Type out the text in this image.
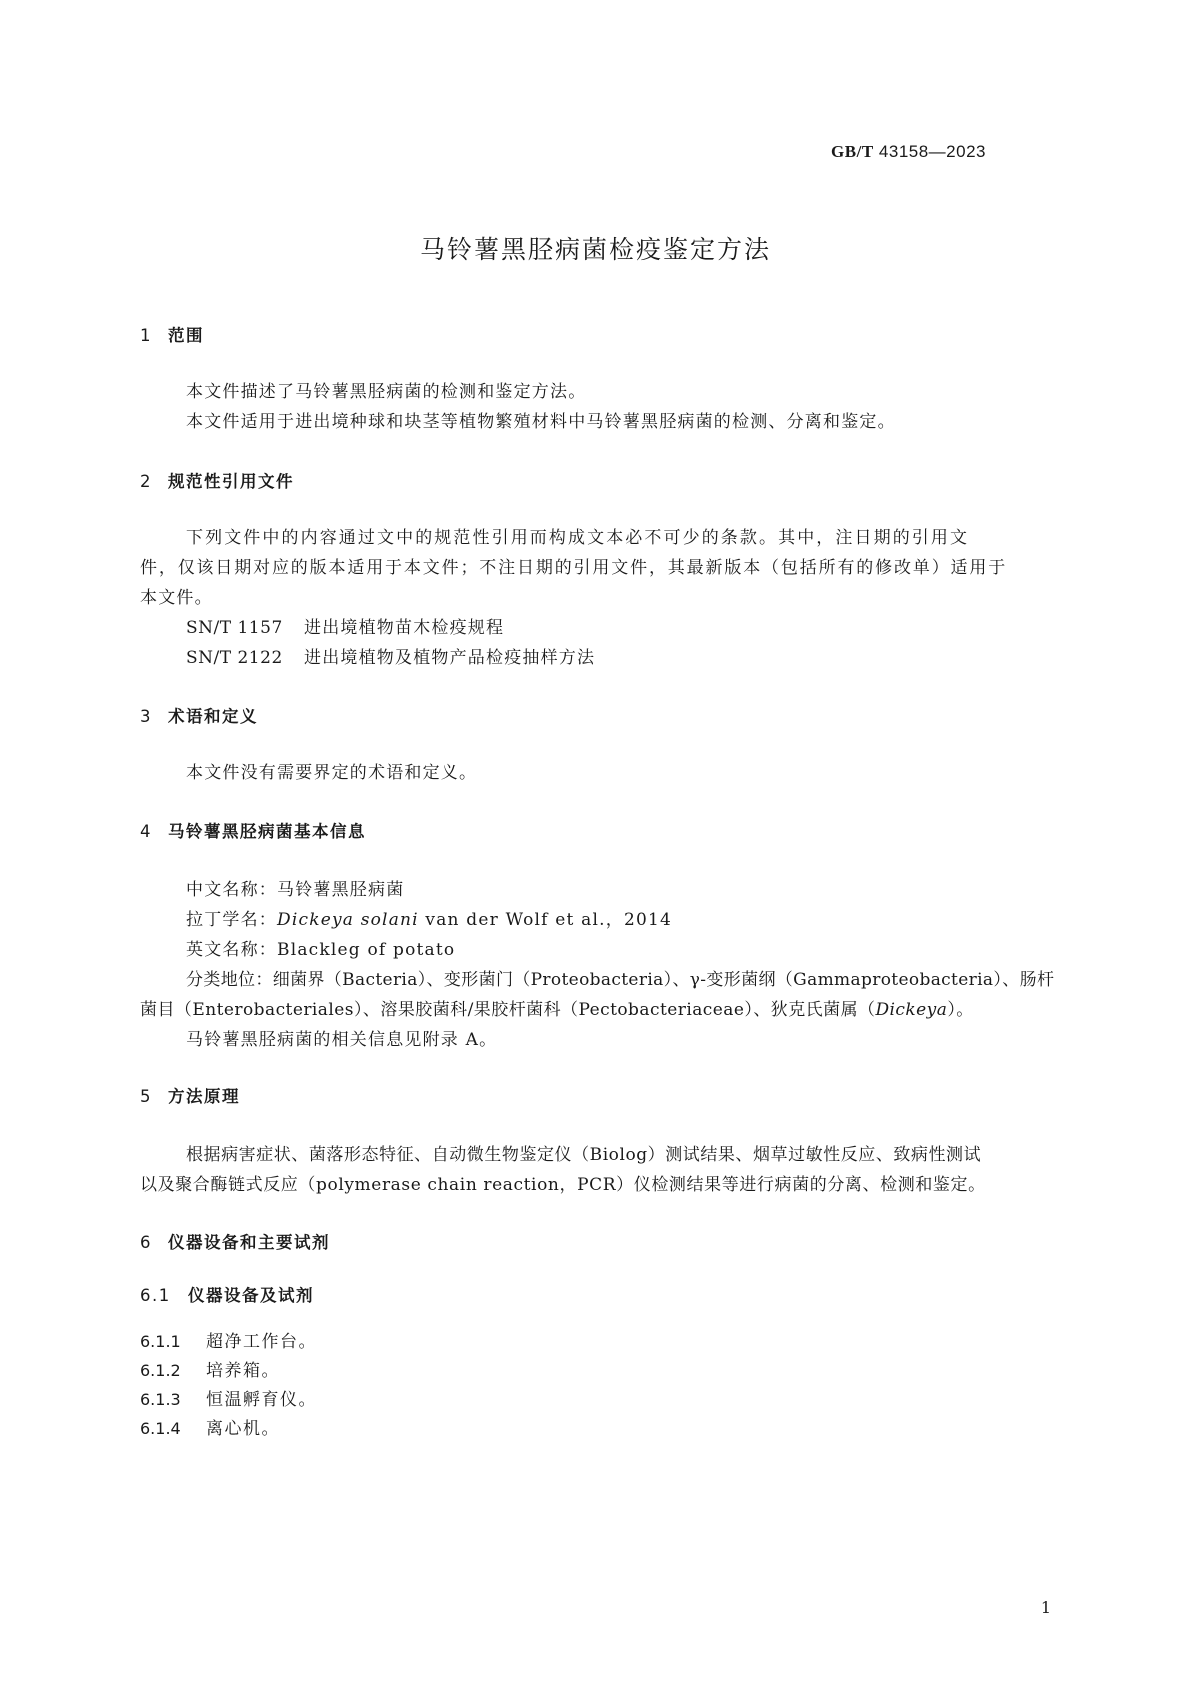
GB/T 43158—2023
马铃薯黑胫病菌检疫鉴定方法
1 范围
本文件描述了马铃薯黑胫病菌的检测和鉴定方法。
本文件适用于进出境种球和块茎等植物繁殖材料中马铃薯黑胫病菌的检测、分离和鉴定。
2 规范性引用文件
下列文件中的内容通过文中的规范性引用而构成文本必不可少的条款。其中，注日期的引用文
件，仅该日期对应的版本适用于本文件；不注日期的引用文件，其最新版本（包括所有的修改单）适用于
本文件。
SN/T 1157 进出境植物苗木检疫规程
SN/T 2122 进出境植物及植物产品检疫抽样方法
3 术语和定义
本文件没有需要界定的术语和定义。
4 马铃薯黑胫病菌基本信息
中文名称：马铃薯黑胫病菌
拉丁学名：Dickeya solani van der Wolf et al.，2014
英文名称：Blackleg of potato
分类地位：细菌界（Bacteria）、变形菌门（Proteobacteria）、γ-变形菌纲（Gammaproteobacteria）、肠杆
菌目（Enterobacteriales）、溶果胶菌科/果胶杆菌科（Pectobacteriaceae）、狄克氏菌属（Dickeya）。
马铃薯黑胫病菌的相关信息见附录 A。
5 方法原理
根据病害症状、菌落形态特征、自动微生物鉴定仪（Biolog）测试结果、烟草过敏性反应、致病性测试
以及聚合酶链式反应（polymerase chain reaction，PCR）仪检测结果等进行病菌的分离、检测和鉴定。
6 仪器设备和主要试剂
6.1 仪器设备及试剂
6.1.1 超净工作台。
6.1.2 培养箱。
6.1.3 恒温孵育仪。
6.1.4 离心机。
1
